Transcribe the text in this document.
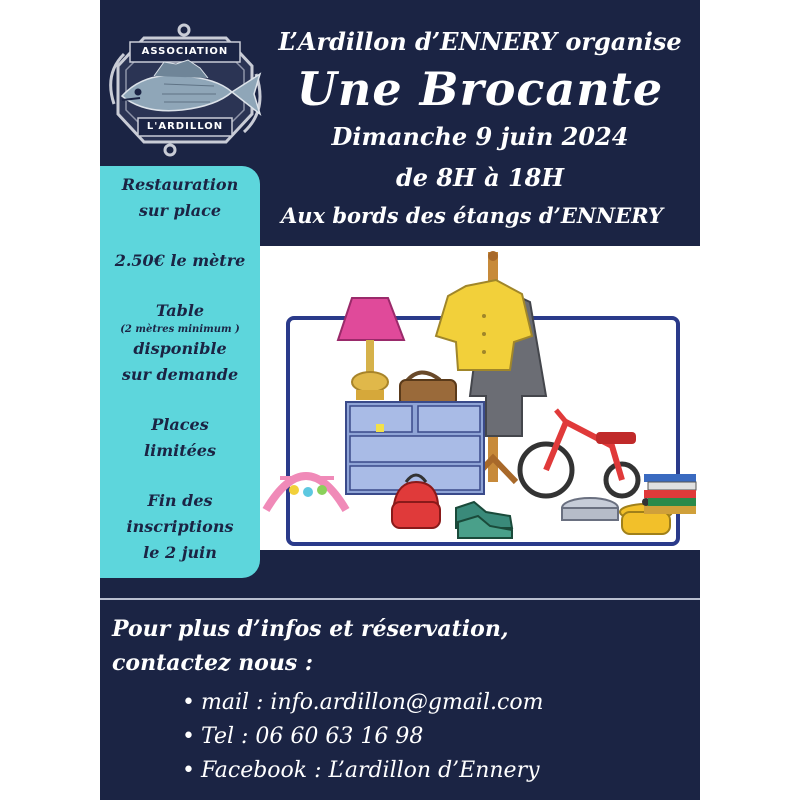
ASSOCIATION
L'ARDILLON
L’Ardillon d’ENNERY organise
Une Brocante
Dimanche 9 juin 2024
de 8H à 18H
Aux bords des étangs d’ENNERY
Restauration
sur place
2.50€ le mètre
Table
(2 mètres minimum )
disponible
sur demande
Places
limitées
Fin des
inscriptions
le 2 juin
Pour plus d’infos et réservation,
contactez nous :
• mail : info.ardillon@gmail.com
• Tel : 06 60 63 16 98
• Facebook : L’ardillon d’Ennery
